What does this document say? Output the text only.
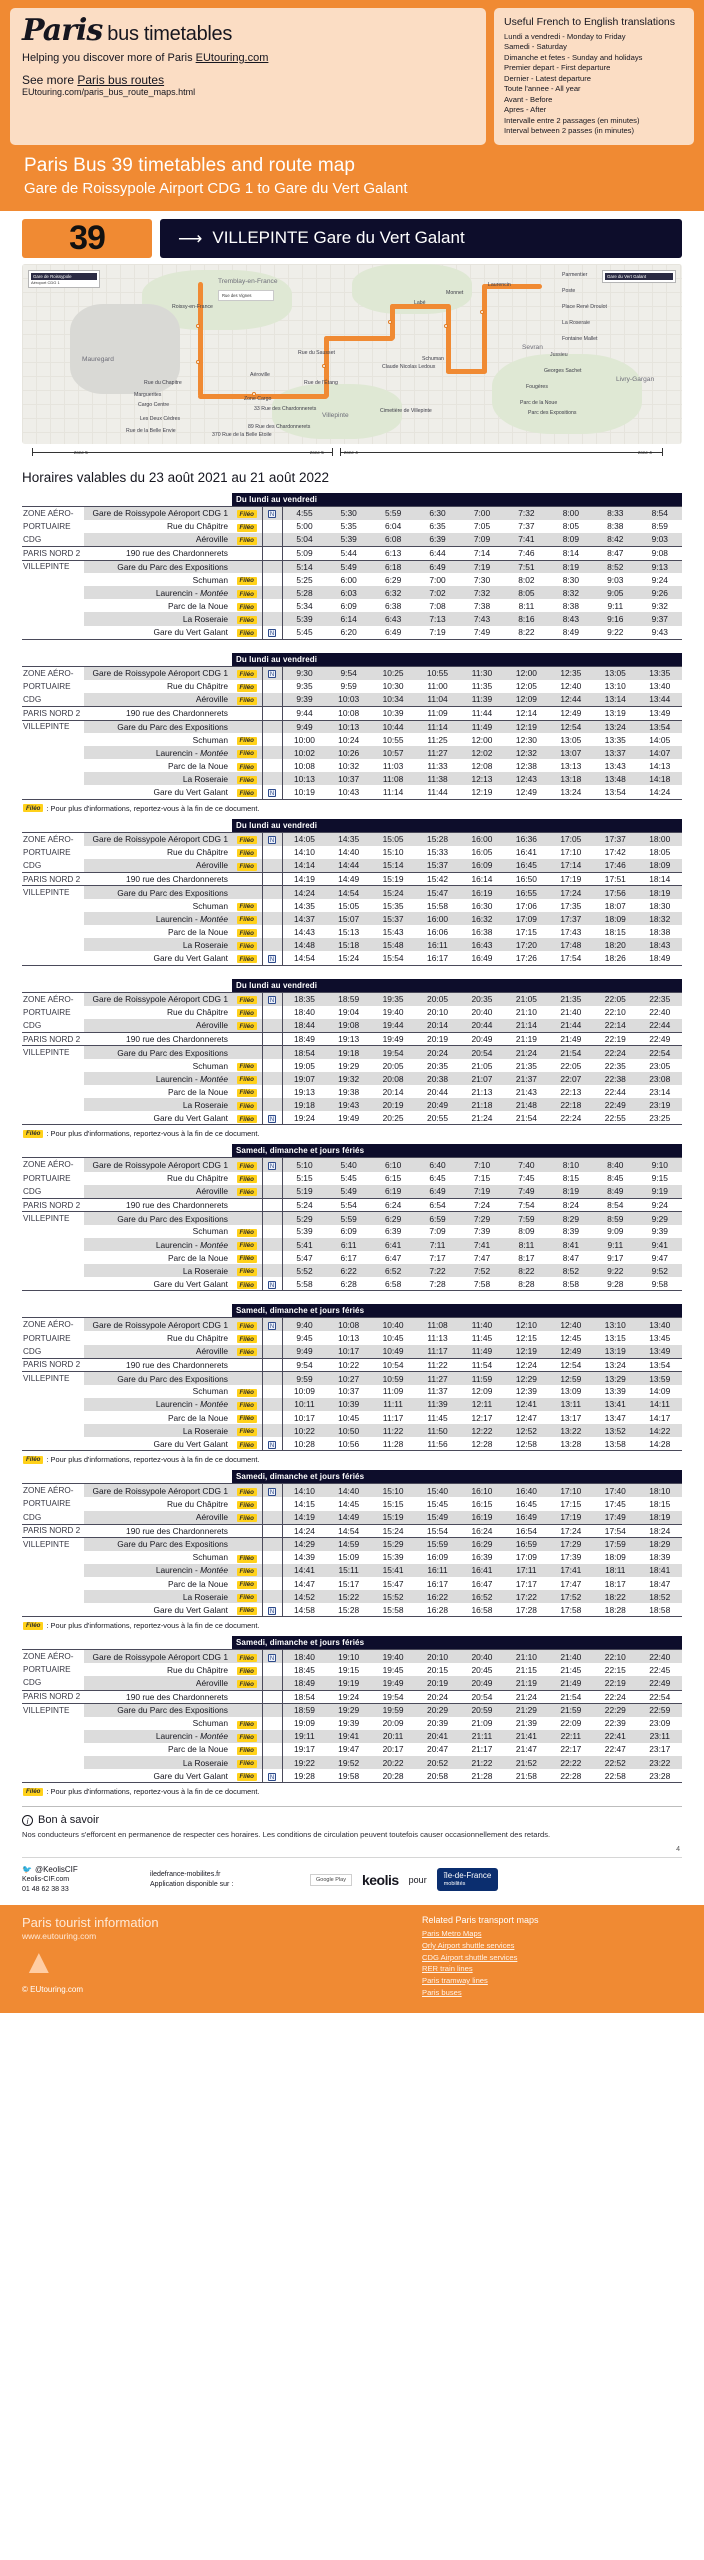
Paris bus timetables
Helping you discover more of Paris EUtouring.com
See more Paris bus routes
EUtouring.com/paris_bus_route_maps.html
Useful French to English translations
Lundi a vendredi - Monday to Friday
Samedi - Saturday
Dimanche et fetes - Sunday and holidays
Premier depart - First departure
Dernier - Latest departure
Toute l'annee - All year
Avant - Before
Apres - After
Intervalle entre 2 passages (en minutes)
Interval between 2 passes (in minutes)
Paris Bus 39 timetables and route map
Gare de Roissypole Airport CDG 1 to Gare du Vert Galant
39	⟶ VILLEPINTE Gare du Vert Galant
Gare de Roissypole
Aéroport CDG 1
Gare du Vert Galant
Tremblay-en-France
Mauregard
Villepinte
Livry-Gargan
Sevran
Roissy-en-France
Aéroville
Zone Cargo
Parc des Expositions
Rue des Vignes
Rue du Chapitre
Les Deux Cèdres
Cargo Centre
Marguerites
Rue de la Belle Envie
370 Rue de la Belle Etoile
Rue du Sausset
Rue de l'Étang
33 Rue des Chardonnerets
89 Rue des Chardonnerets
Claude Nicolas Ledoux
Cimetière de Villepinte
Schuman
Labé
Monnet
Laurencin
Parmentier
Poste
Place René Droulot
La Roseraie
Fontaine Mallet
Jussieu
Georges Sachet
Fougères
Parc de la Noue
zone 5	zone 5	zone 4	zone 4
Horaires valables du 23 août 2021 au 21 août 2022
		Du lundi au vendredi										
ZONE AÉRO-	Gare de Roissypole Aéroport CDG 1	Filéo	N	4:55	5:30	5:59	6:30	7:00	7:32	8:00	8:33	8:54
PORTUAIRE	Rue du Châpitre	Filéo		5:00	5:35	6:04	6:35	7:05	7:37	8:05	8:38	8:59
CDG	Aéroville	Filéo		5:04	5:39	6:08	6:39	7:09	7:41	8:09	8:42	9:03
PARIS NORD 2	190 rue des Chardonnerets			5:09	5:44	6:13	6:44	7:14	7:46	8:14	8:47	9:08
VILLEPINTE	Gare du Parc des Expositions			5:14	5:49	6:18	6:49	7:19	7:51	8:19	8:52	9:13
	Schuman	Filéo		5:25	6:00	6:29	7:00	7:30	8:02	8:30	9:03	9:24
	Laurencin - Montée	Filéo		5:28	6:03	6:32	7:02	7:32	8:05	8:32	9:05	9:26
	Parc de la Noue	Filéo		5:34	6:09	6:38	7:08	7:38	8:11	8:38	9:11	9:32
	La Roseraie	Filéo		5:39	6:14	6:43	7:13	7:43	8:16	8:43	9:16	9:37
	Gare du Vert Galant	Filéo	N	5:45	6:20	6:49	7:19	7:49	8:22	8:49	9:22	9:43
		Du lundi au vendredi										
ZONE AÉRO-	Gare de Roissypole Aéroport CDG 1	Filéo	N	9:30	9:54	10:25	10:55	11:30	12:00	12:35	13:05	13:35
PORTUAIRE	Rue du Châpitre	Filéo		9:35	9:59	10:30	11:00	11:35	12:05	12:40	13:10	13:40
CDG	Aéroville	Filéo		9:39	10:03	10:34	11:04	11:39	12:09	12:44	13:14	13:44
PARIS NORD 2	190 rue des Chardonnerets			9:44	10:08	10:39	11:09	11:44	12:14	12:49	13:19	13:49
VILLEPINTE	Gare du Parc des Expositions			9:49	10:13	10:44	11:14	11:49	12:19	12:54	13:24	13:54
	Schuman	Filéo		10:00	10:24	10:55	11:25	12:00	12:30	13:05	13:35	14:05
	Laurencin - Montée	Filéo		10:02	10:26	10:57	11:27	12:02	12:32	13:07	13:37	14:07
	Parc de la Noue	Filéo		10:08	10:32	11:03	11:33	12:08	12:38	13:13	13:43	14:13
	La Roseraie	Filéo		10:13	10:37	11:08	11:38	12:13	12:43	13:18	13:48	14:18
	Gare du Vert Galant	Filéo	N	10:19	10:43	11:14	11:44	12:19	12:49	13:24	13:54	14:24
Filéo : Pour plus d'informations, reportez-vous à la fin de ce document.
		Du lundi au vendredi										
ZONE AÉRO-	Gare de Roissypole Aéroport CDG 1	Filéo	N	14:05	14:35	15:05	15:28	16:00	16:36	17:05	17:37	18:00
PORTUAIRE	Rue du Châpitre	Filéo		14:10	14:40	15:10	15:33	16:05	16:41	17:10	17:42	18:05
CDG	Aéroville	Filéo		14:14	14:44	15:14	15:37	16:09	16:45	17:14	17:46	18:09
PARIS NORD 2	190 rue des Chardonnerets			14:19	14:49	15:19	15:42	16:14	16:50	17:19	17:51	18:14
VILLEPINTE	Gare du Parc des Expositions			14:24	14:54	15:24	15:47	16:19	16:55	17:24	17:56	18:19
	Schuman	Filéo		14:35	15:05	15:35	15:58	16:30	17:06	17:35	18:07	18:30
	Laurencin - Montée	Filéo		14:37	15:07	15:37	16:00	16:32	17:09	17:37	18:09	18:32
	Parc de la Noue	Filéo		14:43	15:13	15:43	16:06	16:38	17:15	17:43	18:15	18:38
	La Roseraie	Filéo		14:48	15:18	15:48	16:11	16:43	17:20	17:48	18:20	18:43
	Gare du Vert Galant	Filéo	N	14:54	15:24	15:54	16:17	16:49	17:26	17:54	18:26	18:49
		Du lundi au vendredi										
ZONE AÉRO-	Gare de Roissypole Aéroport CDG 1	Filéo	N	18:35	18:59	19:35	20:05	20:35	21:05	21:35	22:05	22:35
PORTUAIRE	Rue du Châpitre	Filéo		18:40	19:04	19:40	20:10	20:40	21:10	21:40	22:10	22:40
CDG	Aéroville	Filéo		18:44	19:08	19:44	20:14	20:44	21:14	21:44	22:14	22:44
PARIS NORD 2	190 rue des Chardonnerets			18:49	19:13	19:49	20:19	20:49	21:19	21:49	22:19	22:49
VILLEPINTE	Gare du Parc des Expositions			18:54	19:18	19:54	20:24	20:54	21:24	21:54	22:24	22:54
	Schuman	Filéo		19:05	19:29	20:05	20:35	21:05	21:35	22:05	22:35	23:05
	Laurencin - Montée	Filéo		19:07	19:32	20:08	20:38	21:07	21:37	22:07	22:38	23:08
	Parc de la Noue	Filéo		19:13	19:38	20:14	20:44	21:13	21:43	22:13	22:44	23:14
	La Roseraie	Filéo		19:18	19:43	20:19	20:49	21:18	21:48	22:18	22:49	23:19
	Gare du Vert Galant	Filéo	N	19:24	19:49	20:25	20:55	21:24	21:54	22:24	22:55	23:25
Filéo : Pour plus d'informations, reportez-vous à la fin de ce document.
		Samedi, dimanche et jours fériés										
ZONE AÉRO-	Gare de Roissypole Aéroport CDG 1	Filéo	N	5:10	5:40	6:10	6:40	7:10	7:40	8:10	8:40	9:10
PORTUAIRE	Rue du Châpitre	Filéo		5:15	5:45	6:15	6:45	7:15	7:45	8:15	8:45	9:15
CDG	Aéroville	Filéo		5:19	5:49	6:19	6:49	7:19	7:49	8:19	8:49	9:19
PARIS NORD 2	190 rue des Chardonnerets			5:24	5:54	6:24	6:54	7:24	7:54	8:24	8:54	9:24
VILLEPINTE	Gare du Parc des Expositions			5:29	5:59	6:29	6:59	7:29	7:59	8:29	8:59	9:29
	Schuman	Filéo		5:39	6:09	6:39	7:09	7:39	8:09	8:39	9:09	9:39
	Laurencin - Montée	Filéo		5:41	6:11	6:41	7:11	7:41	8:11	8:41	9:11	9:41
	Parc de la Noue	Filéo		5:47	6:17	6:47	7:17	7:47	8:17	8:47	9:17	9:47
	La Roseraie	Filéo		5:52	6:22	6:52	7:22	7:52	8:22	8:52	9:22	9:52
	Gare du Vert Galant	Filéo	N	5:58	6:28	6:58	7:28	7:58	8:28	8:58	9:28	9:58
		Samedi, dimanche et jours fériés										
ZONE AÉRO-	Gare de Roissypole Aéroport CDG 1	Filéo	N	9:40	10:08	10:40	11:08	11:40	12:10	12:40	13:10	13:40
PORTUAIRE	Rue du Châpitre	Filéo		9:45	10:13	10:45	11:13	11:45	12:15	12:45	13:15	13:45
CDG	Aéroville	Filéo		9:49	10:17	10:49	11:17	11:49	12:19	12:49	13:19	13:49
PARIS NORD 2	190 rue des Chardonnerets			9:54	10:22	10:54	11:22	11:54	12:24	12:54	13:24	13:54
VILLEPINTE	Gare du Parc des Expositions			9:59	10:27	10:59	11:27	11:59	12:29	12:59	13:29	13:59
	Schuman	Filéo		10:09	10:37	11:09	11:37	12:09	12:39	13:09	13:39	14:09
	Laurencin - Montée	Filéo		10:11	10:39	11:11	11:39	12:11	12:41	13:11	13:41	14:11
	Parc de la Noue	Filéo		10:17	10:45	11:17	11:45	12:17	12:47	13:17	13:47	14:17
	La Roseraie	Filéo		10:22	10:50	11:22	11:50	12:22	12:52	13:22	13:52	14:22
	Gare du Vert Galant	Filéo	N	10:28	10:56	11:28	11:56	12:28	12:58	13:28	13:58	14:28
Filéo : Pour plus d'informations, reportez-vous à la fin de ce document.
		Samedi, dimanche et jours fériés										
ZONE AÉRO-	Gare de Roissypole Aéroport CDG 1	Filéo	N	14:10	14:40	15:10	15:40	16:10	16:40	17:10	17:40	18:10
PORTUAIRE	Rue du Châpitre	Filéo		14:15	14:45	15:15	15:45	16:15	16:45	17:15	17:45	18:15
CDG	Aéroville	Filéo		14:19	14:49	15:19	15:49	16:19	16:49	17:19	17:49	18:19
PARIS NORD 2	190 rue des Chardonnerets			14:24	14:54	15:24	15:54	16:24	16:54	17:24	17:54	18:24
VILLEPINTE	Gare du Parc des Expositions			14:29	14:59	15:29	15:59	16:29	16:59	17:29	17:59	18:29
	Schuman	Filéo		14:39	15:09	15:39	16:09	16:39	17:09	17:39	18:09	18:39
	Laurencin - Montée	Filéo		14:41	15:11	15:41	16:11	16:41	17:11	17:41	18:11	18:41
	Parc de la Noue	Filéo		14:47	15:17	15:47	16:17	16:47	17:17	17:47	18:17	18:47
	La Roseraie	Filéo		14:52	15:22	15:52	16:22	16:52	17:22	17:52	18:22	18:52
	Gare du Vert Galant	Filéo	N	14:58	15:28	15:58	16:28	16:58	17:28	17:58	18:28	18:58
Filéo : Pour plus d'informations, reportez-vous à la fin de ce document.
		Samedi, dimanche et jours fériés										
ZONE AÉRO-	Gare de Roissypole Aéroport CDG 1	Filéo	N	18:40	19:10	19:40	20:10	20:40	21:10	21:40	22:10	22:40
PORTUAIRE	Rue du Châpitre	Filéo		18:45	19:15	19:45	20:15	20:45	21:15	21:45	22:15	22:45
CDG	Aéroville	Filéo		18:49	19:19	19:49	20:19	20:49	21:19	21:49	22:19	22:49
PARIS NORD 2	190 rue des Chardonnerets			18:54	19:24	19:54	20:24	20:54	21:24	21:54	22:24	22:54
VILLEPINTE	Gare du Parc des Expositions			18:59	19:29	19:59	20:29	20:59	21:29	21:59	22:29	22:59
	Schuman	Filéo		19:09	19:39	20:09	20:39	21:09	21:39	22:09	22:39	23:09
	Laurencin - Montée	Filéo		19:11	19:41	20:11	20:41	21:11	21:41	22:11	22:41	23:11
	Parc de la Noue	Filéo		19:17	19:47	20:17	20:47	21:17	21:47	22:17	22:47	23:17
	La Roseraie	Filéo		19:22	19:52	20:22	20:52	21:22	21:52	22:22	22:52	23:22
	Gare du Vert Galant	Filéo	N	19:28	19:58	20:28	20:58	21:28	21:58	22:28	22:58	23:28
Filéo : Pour plus d'informations, reportez-vous à la fin de ce document.
i Bon à savoir
Nos conducteurs s'efforcent en permanence de respecter ces horaires. Les conditions de circulation peuvent toutefois causer occasionnellement des retards.
4
🐦 @KeolisCIF
Keolis-CIF.com
01 48 62 38 33
iledefrance-mobilites.fr
Application disponible sur :
Google Play	keolis pour	île-de-France
mobilités
Paris tourist information
www.eutouring.com
▲
© EUtouring.com
Related Paris transport maps
Paris Metro Maps
Orly Airport shuttle services
CDG Airport shuttle services
RER train lines
Paris tramway lines
Paris buses
